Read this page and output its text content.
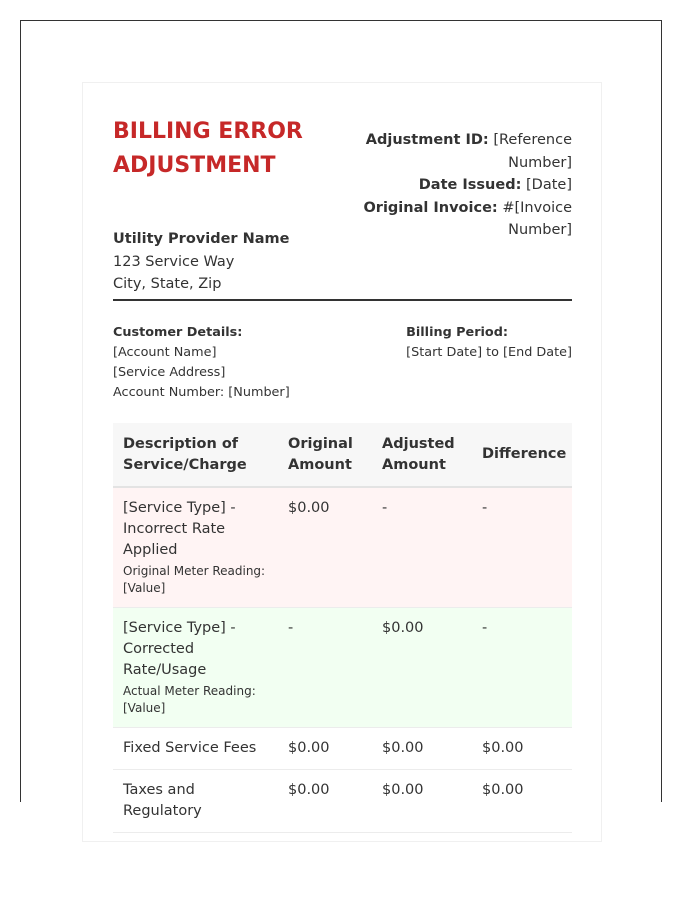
BILLING ERROR ADJUSTMENT
Utility Provider Name
123 Service Way
City, State, Zip
Adjustment ID: [Reference Number]
Date Issued: [Date]
Original Invoice: #[Invoice Number]
Customer Details:
[Account Name]
[Service Address]
Account Number: [Number]
Billing Period:
[Start Date] to [End Date]
Description of Service/Charge	Original Amount	Adjusted Amount	Difference
[Service Type] - Incorrect Rate Applied
Original Meter Reading: [Value]	$0.00	-	-
[Service Type] - Corrected Rate/Usage
Actual Meter Reading: [Value]	-	$0.00	-
Fixed Service Fees	$0.00	$0.00	$0.00
Taxes and Regulatory	$0.00	$0.00	$0.00
